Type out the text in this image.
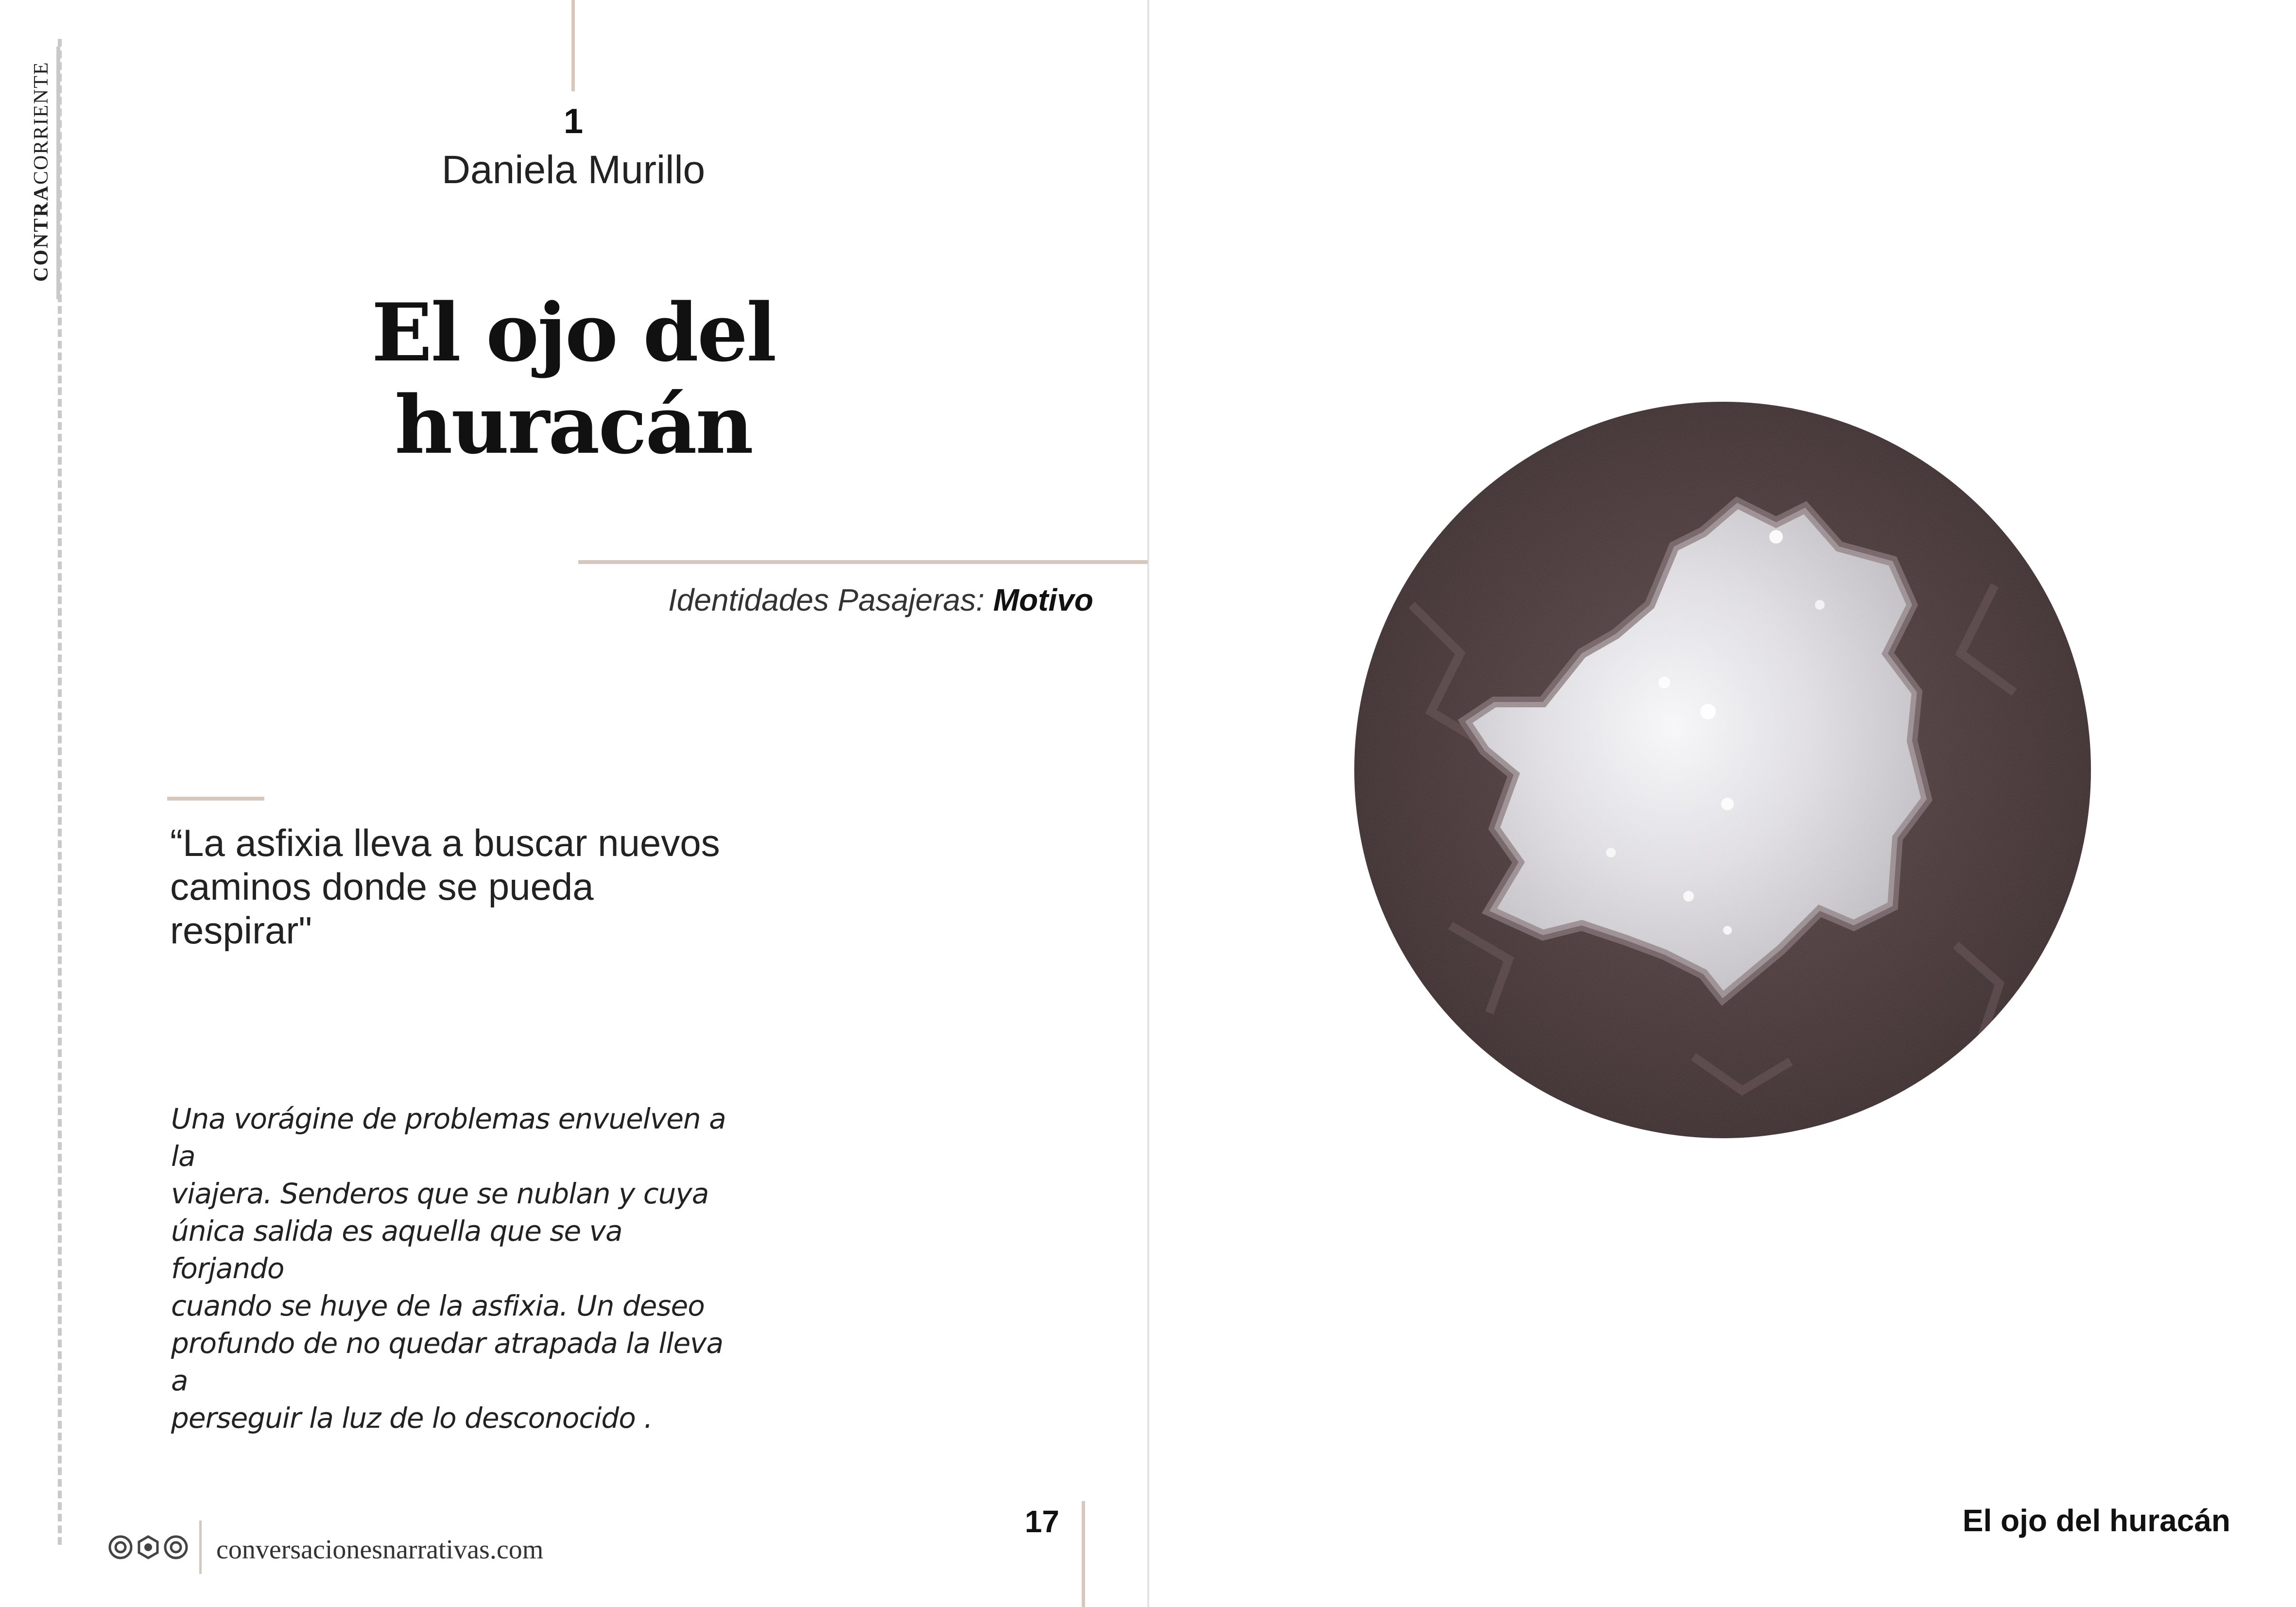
CONTRACORRIENTE	1
Daniela Murillo
El ojo del
huracán
Identidades Pasajeras: Motivo
“La asfixia lleva a buscar nuevos
caminos donde se pueda
respirar"
Una vorágine de problemas envuelven a la
viajera. Senderos que se nublan y cuya
única salida es aquella que se va forjando
cuando se huye de la asfixia. Un deseo
profundo de no quedar atrapada la lleva a
perseguir la luz de lo desconocido .
conversacionesnarrativas.com
17	El ojo del huracán
